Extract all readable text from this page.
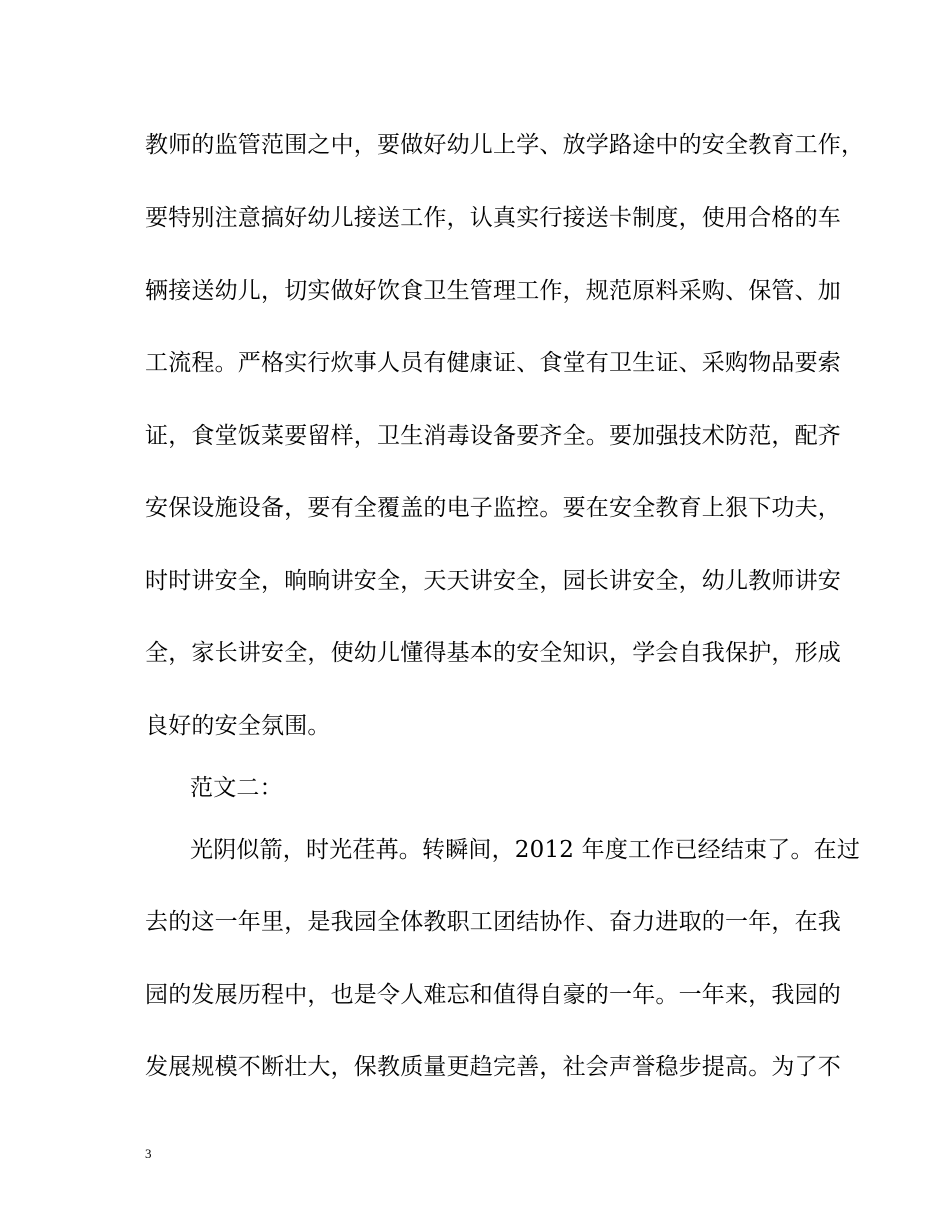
教师的监管范围之中，要做好幼儿上学、放学路途中的安全教育工作，
要特别注意搞好幼儿接送工作，认真实行接送卡制度，使用合格的车
辆接送幼儿，切实做好饮食卫生管理工作，规范原料采购、保管、加
工流程。严格实行炊事人员有健康证、食堂有卫生证、采购物品要索
证，食堂饭菜要留样，卫生消毒设备要齐全。要加强技术防范，配齐
安保设施设备，要有全覆盖的电子监控。要在安全教育上狠下功夫，
时时讲安全，晌晌讲安全，天天讲安全，园长讲安全，幼儿教师讲安
全，家长讲安全，使幼儿懂得基本的安全知识，学会自我保护，形成
良好的安全氛围。
范文二：
光阴似箭，时光荏苒。转瞬间，2012 年度工作已经结束了。在过
去的这一年里，是我园全体教职工团结协作、奋力进取的一年，在我
园的发展历程中，也是令人难忘和值得自豪的一年。一年来，我园的
发展规模不断壮大，保教质量更趋完善，社会声誉稳步提高。为了不
3
